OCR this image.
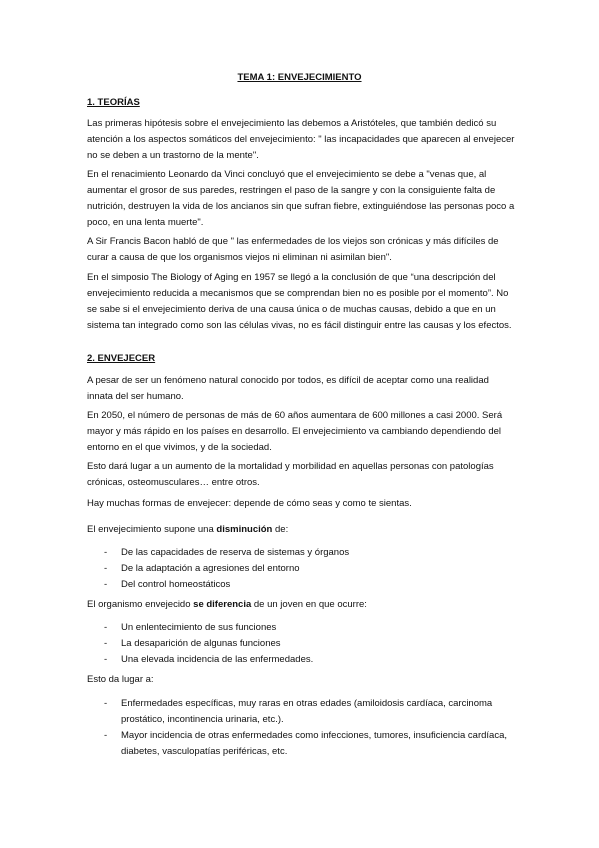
TEMA 1: ENVEJECIMIENTO
1. TEORÍAS

Las primeras hipótesis sobre el envejecimiento las debemos a Aristóteles, que también dedicó su atención a los aspectos somáticos del envejecimiento: " las incapacidades que aparecen al envejecer no se deben a un trastorno de la mente".

En el renacimiento Leonardo da Vinci concluyó que el envejecimiento se debe a "venas que, al aumentar el grosor de sus paredes, restringen el paso de la sangre y con la consiguiente falta de nutrición, destruyen la vida de los ancianos sin que sufran fiebre, extinguiéndose las personas poco a poco, en una lenta muerte".

A Sir Francis Bacon habló de que " las enfermedades de los viejos son crónicas y más difíciles de curar a causa de que los organismos viejos ni eliminan ni asimilan bien".

En el simposio The Biology of Aging en 1957 se llegó a la conclusión de que “una descripción del envejecimiento reducida a mecanismos que se comprendan bien no es posible por el momento”. No se sabe si el envejecimiento deriva de una causa única o de muchas causas, debido a que en un sistema tan integrado como son las células vivas, no es fácil distinguir entre las causas y los efectos.

2. ENVEJECER

A pesar de ser un fenómeno natural conocido por todos, es difícil de aceptar como una realidad innata del ser humano.

En 2050, el número de personas de más de 60 años aumentara de 600 millones a casi 2000. Será mayor y más rápido en los países en desarrollo. El envejecimiento va cambiando dependiendo del entorno en el que vivimos, y de la sociedad.

Esto dará lugar a un aumento de la mortalidad y morbilidad en aquellas personas con patologías crónicas, osteomusculares… entre otros.

Hay muchas formas de envejecer: depende de cómo seas y como te sientas.

El envejecimiento supone una disminución de:

- De las capacidades de reserva de sistemas y órganos
- De la adaptación a agresiones del entorno
- Del control homeostáticos

El organismo envejecido se diferencia de un joven en que ocurre:

- Un enlentecimiento de sus funciones
- La desaparición de algunas funciones
- Una elevada incidencia de las enfermedades.

Esto da lugar a:

- Enfermedades específicas, muy raras en otras edades (amiloidosis cardíaca, carcinoma prostático, incontinencia urinaria, etc.).
- Mayor incidencia de otras enfermedades como infecciones, tumores, insuficiencia cardíaca, diabetes, vasculopatías periféricas, etc.
